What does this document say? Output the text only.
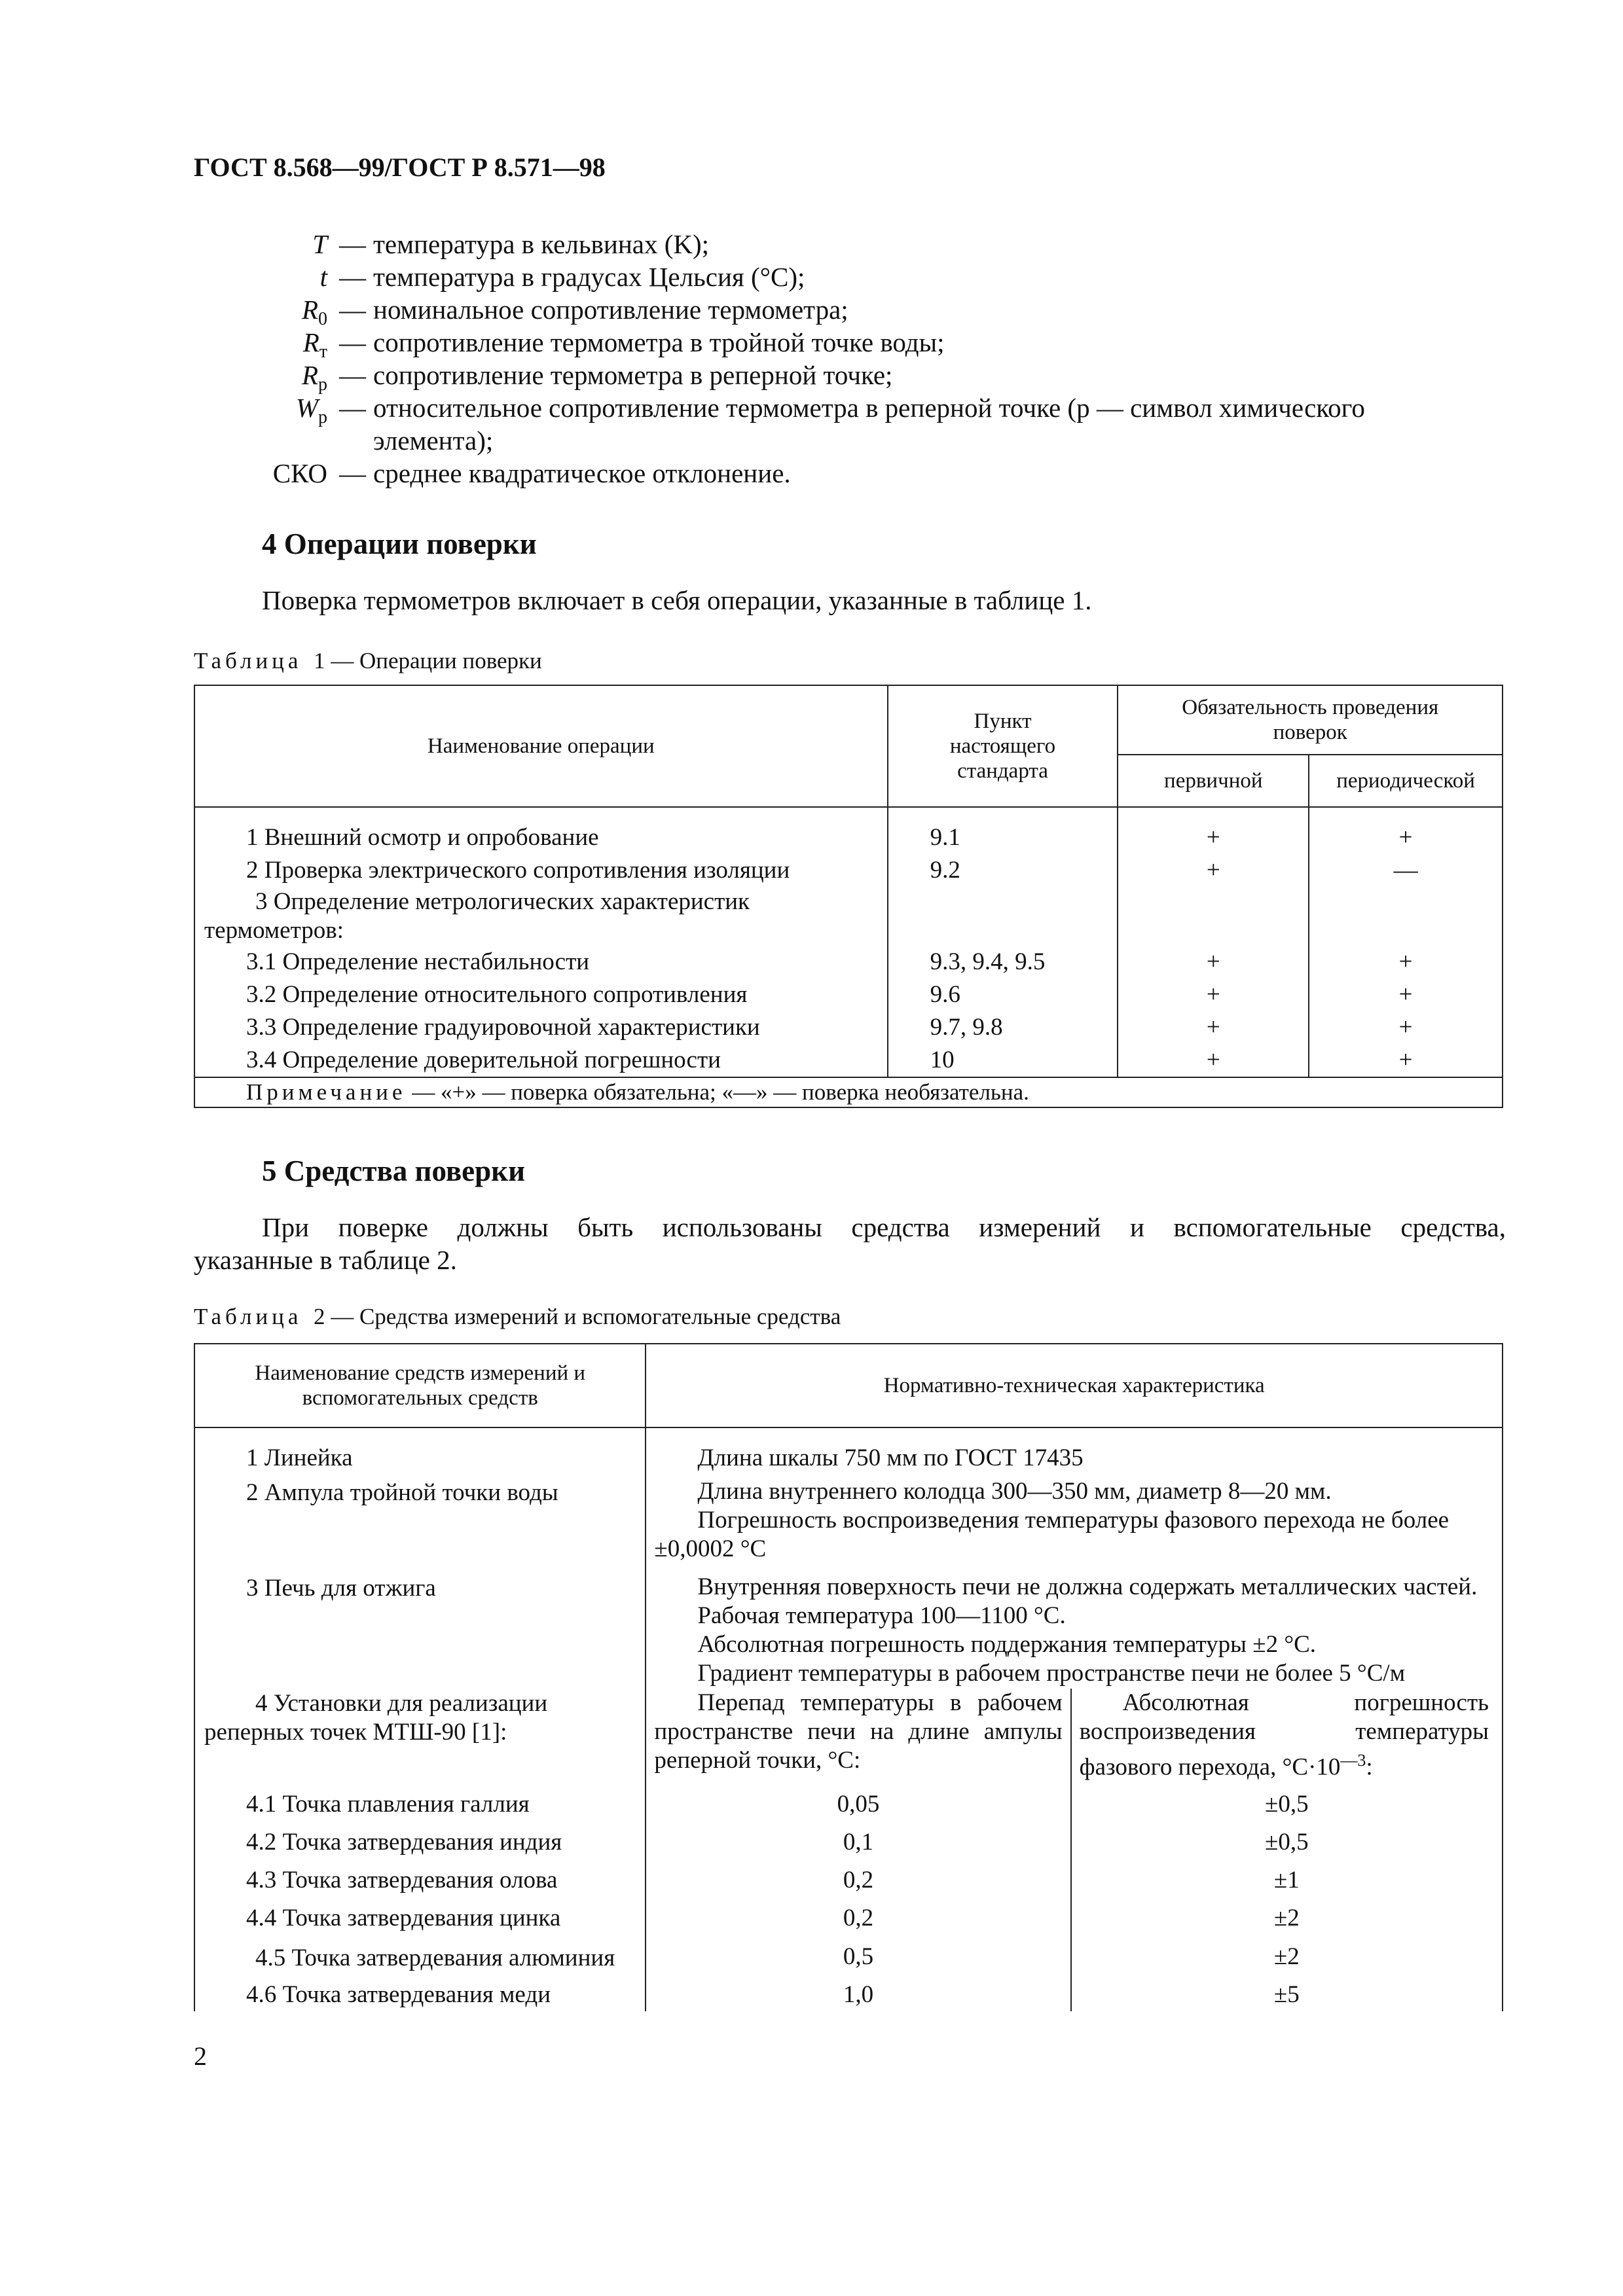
ГОСТ 8.568—99/ГОСТ Р 8.571—98
T — температура в кельвинах (K);
t — температура в градусах Цельсия (°С);
$R_0$ — номинальное сопротивление термометра;
$R_т$ — сопротивление термометра в тройной точке воды;
$R_р$ — сопротивление термометра в реперной точке;
$W_р$ — относительное сопротивление термометра в реперной точке (р — символ химического
элемента);
СКО — среднее квадратическое отклонение.
4 Операции поверки
Поверка термометров включает в себя операции, указанные в таблице 1.
Таблица 1 — Операции поверки
Наименование операции	Пункт настоящего стандарта	Обязательность проведения поверок	
		первичной	периодической
1 Внешний осмотр и опробование	9.1	+	+
2 Проверка электрического сопротивления изоляции	9.2	+	—
3 Определение метрологических характеристик термометров:			
3.1 Определение нестабильности	9.3, 9.4, 9.5	+	+
3.2 Определение относительного сопротивления	9.6	+	+
3.3 Определение градуировочной характеристики	9.7, 9.8	+	+
3.4 Определение доверительной погрешности	10	+	+
Примечание — «+» — поверка обязательна; «—» — поверка необязательна.			
5 Средства поверки
При поверке должны быть использованы средства измерений и вспомогательные средства,
указанные в таблице 2.
Таблица 2 — Средства измерений и вспомогательные средства
Наименование средств измерений и вспомогательных средств	Нормативно-техническая характеристика	
1 Линейка	Длина шкалы 750 мм по ГОСТ 17435	
2 Ампула тройной точки воды	Длина внутреннего колодца 300—350 мм, диаметр 8—20 мм.
Погрешность воспроизведения температуры фазового перехода не более ±0,0002 °С	

3 Печь для отжига	Внутренняя поверхность печи не должна содержать металлических частей.
Рабочая температура 100—1100 °С.
Абсолютная погрешность поддержания температуры ±2 °С.
Градиент температуры в рабочем пространстве печи не более 5 °С/м	

4 Установки для реализации реперных точек МТШ-90 [1]:	Перепад температуры в рабочем пространстве печи на длине ампулы реперной точки, °С:	Абсолютная погрешность воспроизведения температуры фазового перехода, $^\circ С\cdot 10^{—3}$:
4.1 Точка плавления галлия	0,05	±0,5
4.2 Точка затвердевания индия	0,1	±0,5
4.3 Точка затвердевания олова	0,2	±1
4.4 Точка затвердевания цинка	0,2	±2
4.5 Точка затвердевания алюминия	0,5	±2
4.6 Точка затвердевания меди	1,0	±5
2
